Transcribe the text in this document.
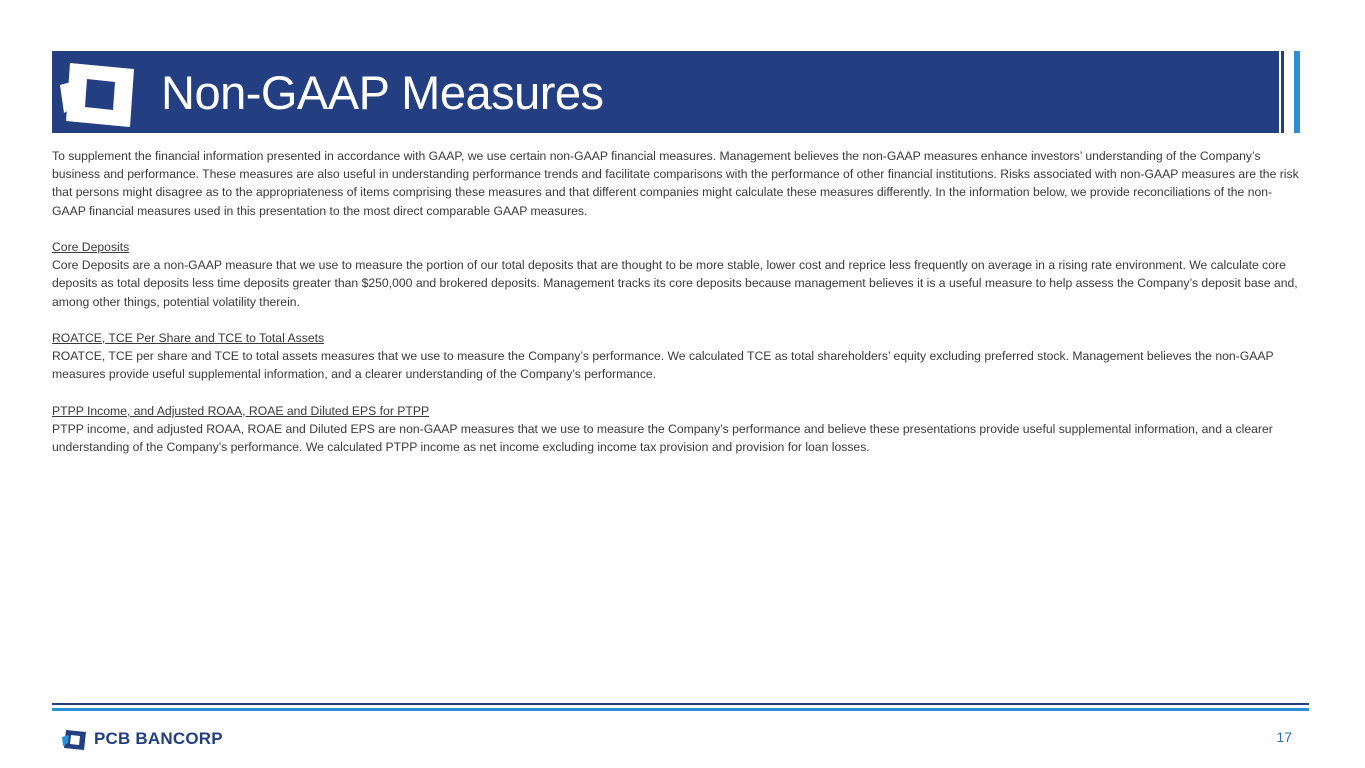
Non-GAAP Measures

To supplement the financial information presented in accordance with GAAP, we use certain non-GAAP financial measures. Management believes the non-GAAP measures enhance investors’ understanding of the Company’s business and performance. These measures are also useful in understanding performance trends and facilitate comparisons with the performance of other financial institutions. Risks associated with non-GAAP measures are the risk that persons might disagree as to the appropriateness of items comprising these measures and that different companies might calculate these measures differently. In the information below, we provide reconciliations of the non-GAAP financial measures used in this presentation to the most direct comparable GAAP measures.

Core Deposits

Core Deposits are a non-GAAP measure that we use to measure the portion of our total deposits that are thought to be more stable, lower cost and reprice less frequently on average in a rising rate environment. We calculate core deposits as total deposits less time deposits greater than $250,000 and brokered deposits. Management tracks its core deposits because management believes it is a useful measure to help assess the Company’s deposit base and, among other things, potential volatility therein.

ROATCE, TCE Per Share and TCE to Total Assets

ROATCE, TCE per share and TCE to total assets measures that we use to measure the Company’s performance. We calculated TCE as total shareholders’ equity excluding preferred stock. Management believes the non-GAAP measures provide useful supplemental information, and a clearer understanding of the Company’s performance.

PTPP Income, and Adjusted ROAA, ROAE and Diluted EPS for PTPP

PTPP income, and adjusted ROAA, ROAE and Diluted EPS are non-GAAP measures that we use to measure the Company’s performance and believe these presentations provide useful supplemental information, and a clearer understanding of the Company’s performance. We calculated PTPP income as net income excluding income tax provision and provision for loan losses.

PCB BANCORP	17
